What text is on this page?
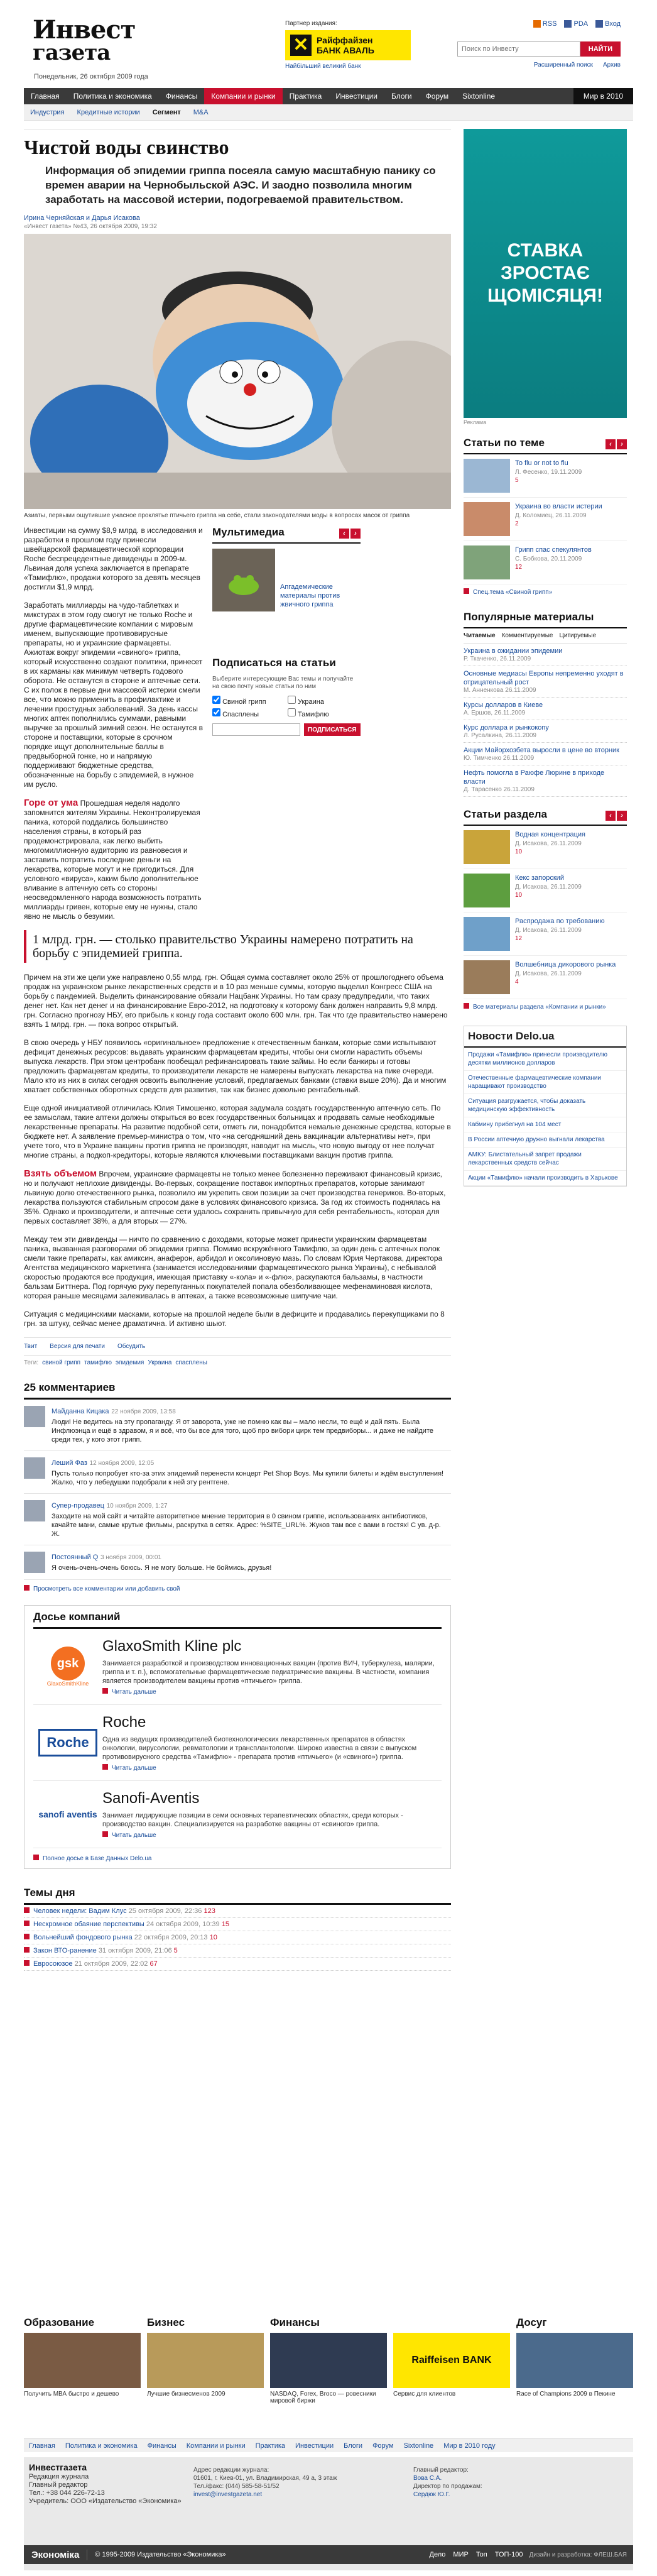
Инвест
газета
Понедельник, 26 октября 2009 года
Партнер издания:
✕ Райффайзен
БАНК АВАЛЬ
Найбільший великий банк
RSS PDA Вход
Поиск по Инвесту
НАЙТИ
Расширенный поиск Архив
Главная	Политика и экономика	Финансы	Компании и рынки	Практика	Инвестиции	Блоги	Форум	Sixtonline	Мир в 2010
Индустрия	Кредитные истории	Сегмент	M&A
Чистой воды свинство
Информация об эпидемии гриппа посеяла самую масштабную панику со времен аварии на Чернобыльской АЭС. И заодно позволила многим заработать на массовой истерии, подогреваемой правительством.
Ирина Черняйская и Дарья Исакова
«Инвест газета» №43, 26 октября 2009, 19:32
Азиаты, первыми ощутившие ужасное проклятье птичьего гриппа на себе, стали законодателями моды в вопросах масок от гриппа

Инвестиции на сумму $8,9 млрд. в исследования и разработки в прошлом году принесли швейцарской фармацевтической корпорации Roche беспрецедентные дивиденды в 2009-м. Львиная доля успеха заключается в препарате «Тамифлю», продажи которого за девять месяцев достигли $1,9 млрд.

Заработать миллиарды на чудо-таблетках и микстурах в этом году смогут не только Roche и другие фармацевтические компании с мировым именем, выпускающие противовирусные препараты, но и украинские фармацевты. Ажиотаж вокруг эпидемии «свиного» гриппа, который искусственно создают политики, принесет в их карманы как минимум четверть годового оборота. Не останутся в стороне и аптечные сети. С их полок в первые дни массовой истерии смели все, что можно применить в профилактике и лечении простудных заболеваний. За день кассы многих аптек пополнились суммами, равными выручке за прошлый зимний сезон. Не останутся в стороне и поставщики, которые в срочном порядке ищут дополнительные баллы в предвыборной гонке, но и напрямую поддерживают бюджетные средства, обозначенные на борьбу с эпидемией, в нужное им русло.

Мультимедиа	‹ ›
Апгадемические материалы против жвичного гриппа
Подписаться на статьи
Выберите интересующие Вас темы и получайте на свою почту новые статьи по ним
Свиной грипп	Украина
Спасплены	Тамифлю
ПОДПИСАТЬСЯ

Горе от ума Прошедшая неделя надолго запомнится жителям Украины. Неконтролируемая паника, которой поддались большинство населения страны, в который раз продемонстрировала, как легко выбить многомиллионную аудиторию из равновесия и заставить потратить последние деньги на лекарства, которые могут и не пригодиться. Для условного «вируса», каким было дополнительное вливание в аптечную сеть со стороны неосведомленного народа возможность потратить миллиарды гривен, которые ему не нужны, стало явно не мысль о безумии.

1 млрд. грн. — столько правительство Украины намерено потратить на борьбу с эпидемией гриппа.

Причем на эти же цели уже направлено 0,55 млрд. грн. Общая сумма составляет около 25% от прошлогоднего объема продаж на украинском рынке лекарственных средств и в 10 раз меньше суммы, которую выделил Конгресс США на борьбу с пандемией. Выделить финансирование обязали Нацбанк Украины. Но там сразу предупредили, что таких денег нет. Как нет денег и на финансирование Евро-2012, на подготовку к которому банк должен направить 9,8 млрд. грн. Согласно прогнозу НБУ, его прибыль к концу года составит около 600 млн. грн. Так что где правительство намерено взять 1 млрд. грн. — пока вопрос открытый.

В свою очередь у НБУ появилось «оригинальное» предложение к отечественным банкам, которые сами испытывают дефицит денежных ресурсов: выдавать украинским фармацевтам кредиты, чтобы они смогли нарастить объемы выпуска лекарств. При этом центробанк пообещал рефинансировать такие займы. Но если банкиры и готовы предложить фармацевтам кредиты, то производители лекарств не намерены выпускать лекарства на пике очереди. Мало кто из них в силах сегодня освоить выполнение условий, предлагаемых банками (ставки выше 20%). Да и многим хватает собственных оборотных средств для развития, так как бизнес довольно рентабельный.

Еще одной инициативой отличилась Юлия Тимошенко, которая задумала создать государственную аптечную сеть. По ее замыслам, такие аптеки должны открыться во всех государственных больницах и продавать самые необходимые лекарственные препараты. На развитие подобной сети, отметь ли, понадобится немалые денежные средства, которые в бюджете нет. А заявление премьер-министра о том, что «на сегодняшний день вакцинации альтернативы нет», при учете того, что в Украине вакцины против гриппа не производят, наводит на мысль, что новую выгоду от нее получат многие страны, а подкоп-кредиторы, которые являются ключевыми поставщиками вакцин против гриппа.

Взять объемом Впрочем, украинские фармацевты не только менее болезненно переживают финансовый кризис, но и получают неплохие дивиденды. Во-первых, сокращение поставок импортных препаратов, которые занимают львиную долю отечественного рынка, позволило им укрепить свои позиции за счет производства генериков. Во-вторых, лекарства пользуются стабильным спросом даже в условиях финансового кризиса. За год их стоимость поднялась на 35%. Однако и производители, и аптечные сети удалось сохранить привычную для себя рентабельность, которая для первых составляет 38%, а для вторых — 27%.

Между тем эти дивиденды — ничто по сравнению с доходами, которые может принести украинским фармацевтам паника, вызванная разговорами об эпидемии гриппа. Помимо вскружённого Тамифлю, за один день с аптечных полок смели такие препараты, как амиксин, анаферон, арбидол и оксолиновую мазь. По словам Юрия Чертакова, директора Агентства медицинского маркетинга (занимается исследованиями фармацевтического рынка Украины), с небывалой скоростью продаются все продукция, имеющая приставку «-кола» и «-флю», раскупаются бальзамы, в частности бальзам Биттнера. Под горячую руку перепуганных покупателей попала обезболивающее мефенаминовая кислота, которая раньше месяцами залеживалась в аптеках, а также всевозможные шипучие чаи.

Ситуация с медицинскими масками, которые на прошлой неделе были в дефиците и продавались перекупщиками по 8 грн. за штуку, сейчас менее драматична. И активно шьют.

Твит Версия для печати Обсудить
Теги: свиной грипп тамифлю эпидемия Украина спасплены
25 комментариев
Майданна Кицака 22 ноября 2009, 13:58
Люди! Не ведитесь на эту пропаганду. Я от заворота, уже не помню как вы – мало несли, то ещё и дай пять. Была Инфлюэнца и ещё в здравом, я и всё, что бы все для того, щоб про вибори цирк тем предвиборы... и даже не найдите среди тех, у кого этот грипп.
Леший Фаз 12 ноября 2009, 12:05
Пусть только попробует кто-за этих эпидемий перенести концерт Pet Shop Boys. Мы купили билеты и ждём выступления! Жалко, что у лебедушки подобрали к ней эту рентгене.
Супер-продавец 10 ноября 2009, 1:27
Заходите на мой сайт и читайте авторитетное мнение территория в 0 свином гриппе, использованиях антибиотиков, качайте мани, самые крутые фильмы, раскрутка в сетях. Адрес: %SITE_URL%. Жуков там все с вами в гостях! С ув. д-р. Ж.
Постоянный Q 3 ноября 2009, 00:01
Я очень-очень-очень боюсь. Я не могу больше. Не боймись, друзья!
Просмотреть все комментарии или добавить свой
Досье компаний
gsk
GlaxoSmithKline
GlaxoSmith Kline plc

Занимается разработкой и производством инновационных вакцин (против ВИЧ, туберкулеза, малярии, гриппа и т. п.), вспомогательные фармацевтические педиатрические вакцины. В частности, компания является производителем вакцины против «птичьего» гриппа.

Читать дальше
Roche
Roche

Одна из ведущих производителей биотехнологических лекарственных препаратов в областях онкологии, вирусологии, ревматологии и трансплантологии. Широко известна в связи с выпуском противовирусного средства «Тамифлю» - препарата против «птичьего» (и «свиного») гриппа.

Читать дальше
sanofi aventis
Sanofi-Aventis

Занимает лидирующие позиции в семи основных терапевтических областях, среди которых - производство вакцин. Специализируется на разработке вакцины от «свиного» гриппа.

Читать дальше
Полное досье в Базе Данных Delo.ua
Темы дня
Человек недели: Вадим Клус 25 октября 2009, 22:36 123
Нескромное обаяние перспективы 24 октября 2009, 10:39 15
Вольнейший фондового рынка 22 октября 2009, 20:13 10
Закон ВТО-ранение 31 октября 2009, 21:06 5
Евросоюзое 21 октября 2009, 22:02 67
СТАВКА ЗРОСТАЄ ЩОМІСЯЦЯ!
Реклама
Статьи по теме	‹ ›
То flu or not to flu
Л. Фесенко, 19.11.2009
5
Украина во власти истерии
Д. Коломиец, 26.11.2009
2
Грипп спас спекулянтов
С. Бобкова, 20.11.2009
12
Спец.тема «Свиной грипп»
Популярные материалы
Читаемые Комментируемые Цитируемые
Украина в ожидании эпидемии
Р. Ткаченко, 26.11.2009
Основные медиасы Европы непременно уходят в отрицательный рост
М. Анненкова 26.11.2009
Курсы долларов в Киеве
А. Ершов, 26.11.2009
Курс доллара и рынкокопу
Л. Русалкина, 26.11.2009
Акции Майорхозбета выросли в цене во вторник
Ю. Тимченко 26.11.2009
Нефть помогла в Раюфе Люрине в приходе власти
Д. Тарасенко 26.11.2009
Статьи раздела	‹ ›
Водная концентрация
Д. Исакова, 26.11.2009
10
Кекс запорский
Д. Исакова, 26.11.2009
10
Распродажа по требованию
Д. Исакова, 26.11.2009
12
Волшебница дикорового рынка
Д. Исакова, 26.11.2009
4
Все материалы раздела «Компании и рынки»
Новости Delo.ua
Продажи «Тамифлю» принесли производителю десятки миллионов долларов
Отечественные фармацевтические компании наращивают производство
Ситуация разгружается, чтобы доказать медицинскую эффективность
Кабмину прибегнул на 104 мест
В России аптечную дружно выгнали лекарства
АМКУ: Блистательный запрет продажи лекарственных средств сейчас
Акции «Тамифлю» начали производить в Харькове
Образование
Получить МВА быстро и дешево
Бизнес
Лучшие бизнесменов 2009
Финансы
NASDAQ, Forex, Broco — ровесники мировой биржи
Raiffeisen BANK
Сервис для клиентов
Досуг
Race of Champions 2009 в Пекине
Главная	Политика и экономика	Финансы	Компании и рынки	Практика	Инвестиции	Блоги	Форум	Sixtonline	Мир в 2010 году
Инвестгазета
Редакция журнала
Главный редактор
Тел.: +38 044 226-72-13
Учредитель: ООО «Издательство «Экономика»
Адрес редакции журнала:
01601, г. Киев-01, ул. Владимирская, 49 а, 3 этаж
Тел./факс: (044) 585-58-51/52
invest@investgazeta.net
Главный редактор:
Вова С.А.
Директор по продажам:
Сердюк Ю.Г.
Экономіка	© 1995-2009 Издательство «Экономика»	Дело МИР Топ ТОП-100 Дизайн и разработка: ФЛЕШ.БАЯ
